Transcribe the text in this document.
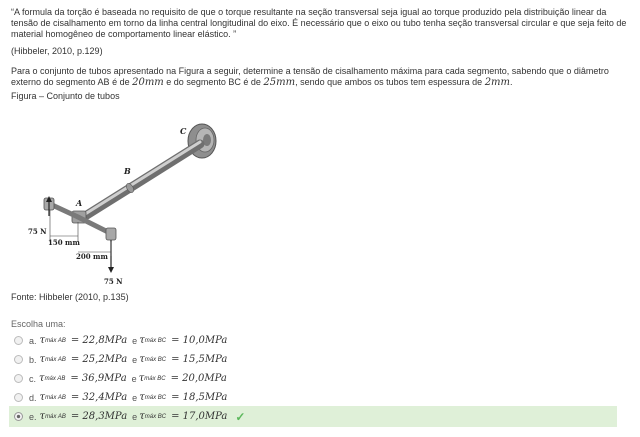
“A formula da torção é baseada no requisito de que o torque resultante na seção transversal seja igual ao torque produzido pela distribuição linear da tensão de cisalhamento em torno da linha central longitudinal do eixo. É necessário que o eixo ou tubo tenha seção transversal circular e que seja feito de material homogêneo de comportamento linear elástico. ”
(Hibbeler, 2010, p.129)
Para o conjunto de tubos apresentado na Figura a seguir, determine a tensão de cisalhamento máxima para cada segmento, sabendo que o diâmetro externo do segmento AB é de 20mm e do segmento BC é de 25mm, sendo que ambos os tubos tem espessura de 2mm.
Figura – Conjunto de tubos
C
B
A
75 N
150 mm
200 mm
75 N
Fonte: Hibbeler (2010, p.135)
Escolha uma:
a. τ máx AB = 22,8MPa e τ máx BC = 10,0MPa
b. τ máx AB = 25,2MPa e τ máx BC = 15,5MPa
c. τ máx AB = 36,9MPa e τ máx BC = 20,0MPa
d. τ máx AB = 32,4MPa e τ máx BC = 18,5MPa
e. τ máx AB = 28,3MPa e τ máx BC = 17,0MPa ✓
